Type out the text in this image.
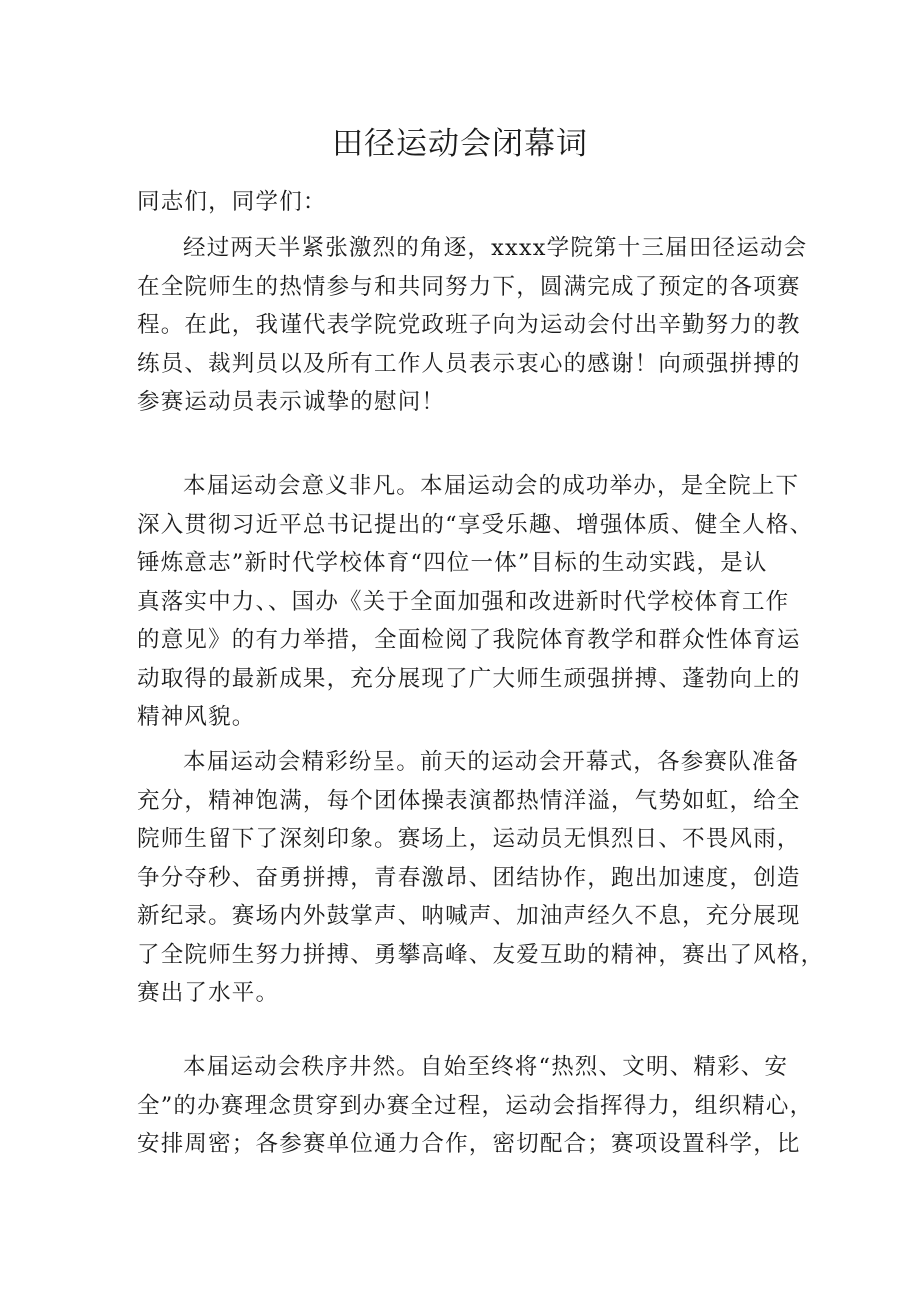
田径运动会闭幕词
同志们，同学们：
经过两天半紧张激烈的角逐，xxxx学院第十三届田径运动会
在全院师生的热情参与和共同努力下，圆满完成了预定的各项赛
程。在此，我谨代表学院党政班子向为运动会付出辛勤努力的教
练员、裁判员以及所有工作人员表示衷心的感谢！向顽强拼搏的
参赛运动员表示诚挚的慰问！
本届运动会意义非凡。本届运动会的成功举办，是全院上下
深入贯彻习近平总书记提出的“享受乐趣、增强体质、健全人格、
锤炼意志”新时代学校体育“四位一体”目标的生动实践，是认
真落实中力、、国办《关于全面加强和改进新时代学校体育工作
的意见》的有力举措，全面检阅了我院体育教学和群众性体育运
动取得的最新成果，充分展现了广大师生顽强拼搏、蓬勃向上的
精神风貌。
本届运动会精彩纷呈。前天的运动会开幕式，各参赛队准备
充分，精神饱满，每个团体操表演都热情洋溢，气势如虹，给全
院师生留下了深刻印象。赛场上，运动员无惧烈日、不畏风雨，
争分夺秒、奋勇拼搏，青春激昂、团结协作，跑出加速度，创造
新纪录。赛场内外鼓掌声、呐喊声、加油声经久不息，充分展现
了全院师生努力拼搏、勇攀高峰、友爱互助的精神，赛出了风格，
赛出了水平。
本届运动会秩序井然。自始至终将“热烈、文明、精彩、安
全”的办赛理念贯穿到办赛全过程，运动会指挥得力，组织精心，
安排周密；各参赛单位通力合作，密切配合；赛项设置科学，比
